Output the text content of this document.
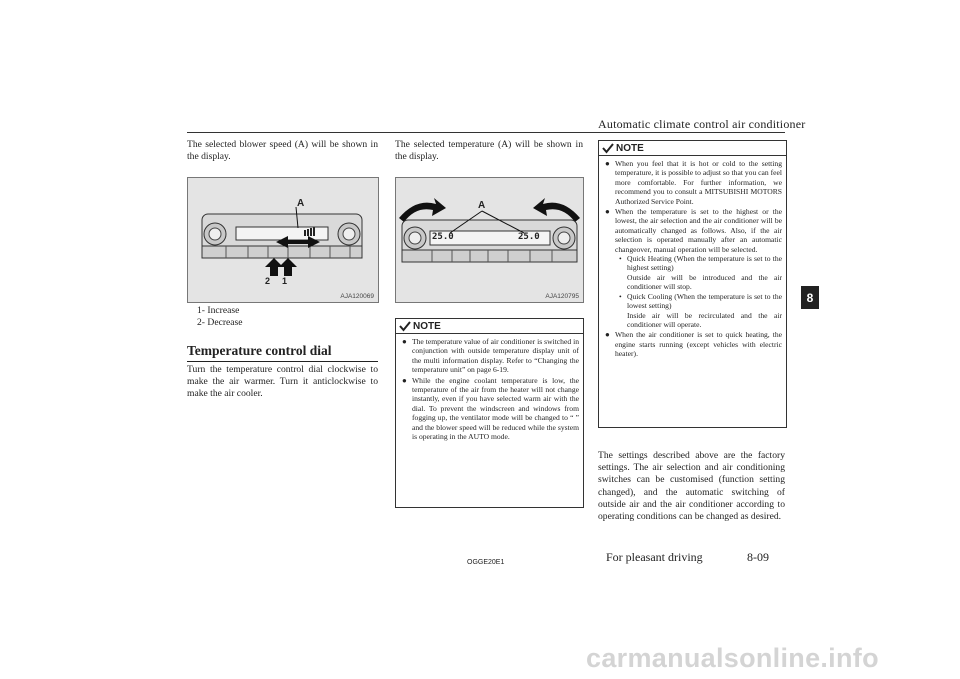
Automatic climate control air conditioner
8

The selected blower speed (A) will be shown in the display.

A
1
2
AJA120069
1- Increase
2- Decrease
Temperature control dial

Turn the temperature control dial clockwise to make the air warmer. Turn it anticlockwise to make the air cooler.

The selected temperature (A) will be shown in the display.

A
25.0	25.0
AJA120795
NOTE
● The temperature value of air conditioner is switched in conjunction with outside temperature display unit of the multi information display. Refer to “Changing the temperature unit” on page 6-19.
● While the engine coolant temperature is low, the temperature of the air from the heater will not change instantly, even if you have selected warm air with the dial. To prevent the windscreen and windows from fogging up, the ventilator mode will be changed to “ ” and the blower speed will be reduced while the system is operating in the AUTO mode.
NOTE
● When you feel that it is hot or cold to the setting temperature, it is possible to adjust so that you can feel more comfortable. For further information, we recommend you to consult a MITSUBISHI MOTORS Authorized Service Point.
● When the temperature is set to the highest or the lowest, the air selection and the air conditioner will be automatically changed as follows. Also, if the air selection is operated manually after an automatic changeover, manual operation will be selected.
• Quick Heating (When the temperature is set to the highest setting)
Outside air will be introduced and the air conditioner will stop.
• Quick Cooling (When the temperature is set to the lowest setting)
Inside air will be recirculated and the air conditioner will operate.
● When the air conditioner is set to quick heating, the engine starts running (except vehicles with electric heater).

The settings described above are the factory settings. The air selection and air conditioning switches can be customised (function setting changed), and the automatic switching of outside air and the air conditioner according to operating conditions can be changed as desired.

OGGE20E1	For pleasant driving	8-09
carmanualsonline.info
